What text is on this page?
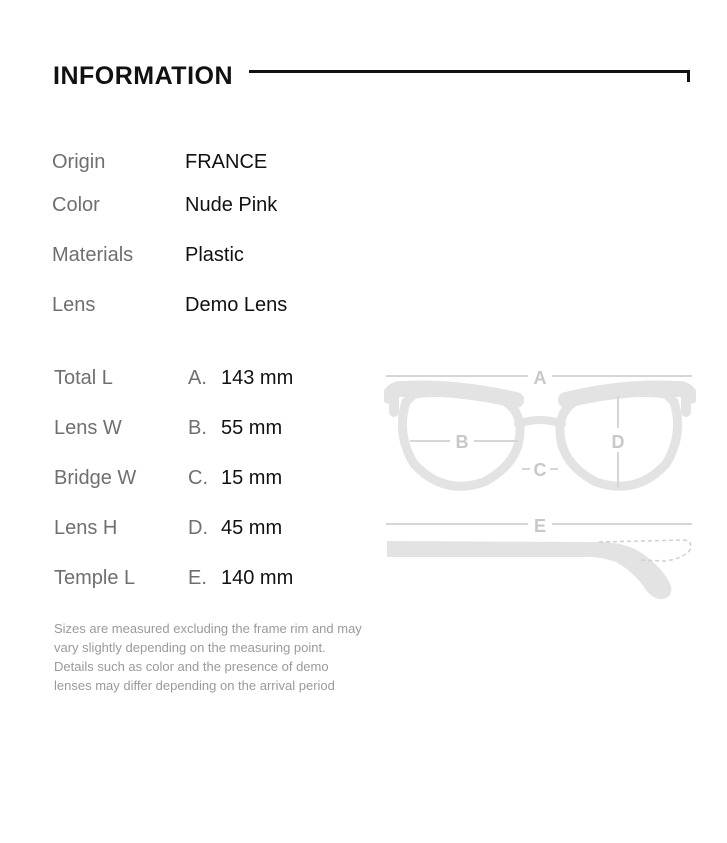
INFORMATION
Origin	FRANCE
Color	Nude Pink
Materials	Plastic
Lens	Demo Lens
Total L	A. 143 mm
Lens W	B. 55 mm
Bridge W	C. 15 mm
Lens H	D. 45 mm
Temple L	E. 140 mm
Sizes are measured excluding the frame rim and may
vary slightly depending on the measuring point.
Details such as color and the presence of demo
lenses may differ depending on the arrival period
A
B
C
D
E
